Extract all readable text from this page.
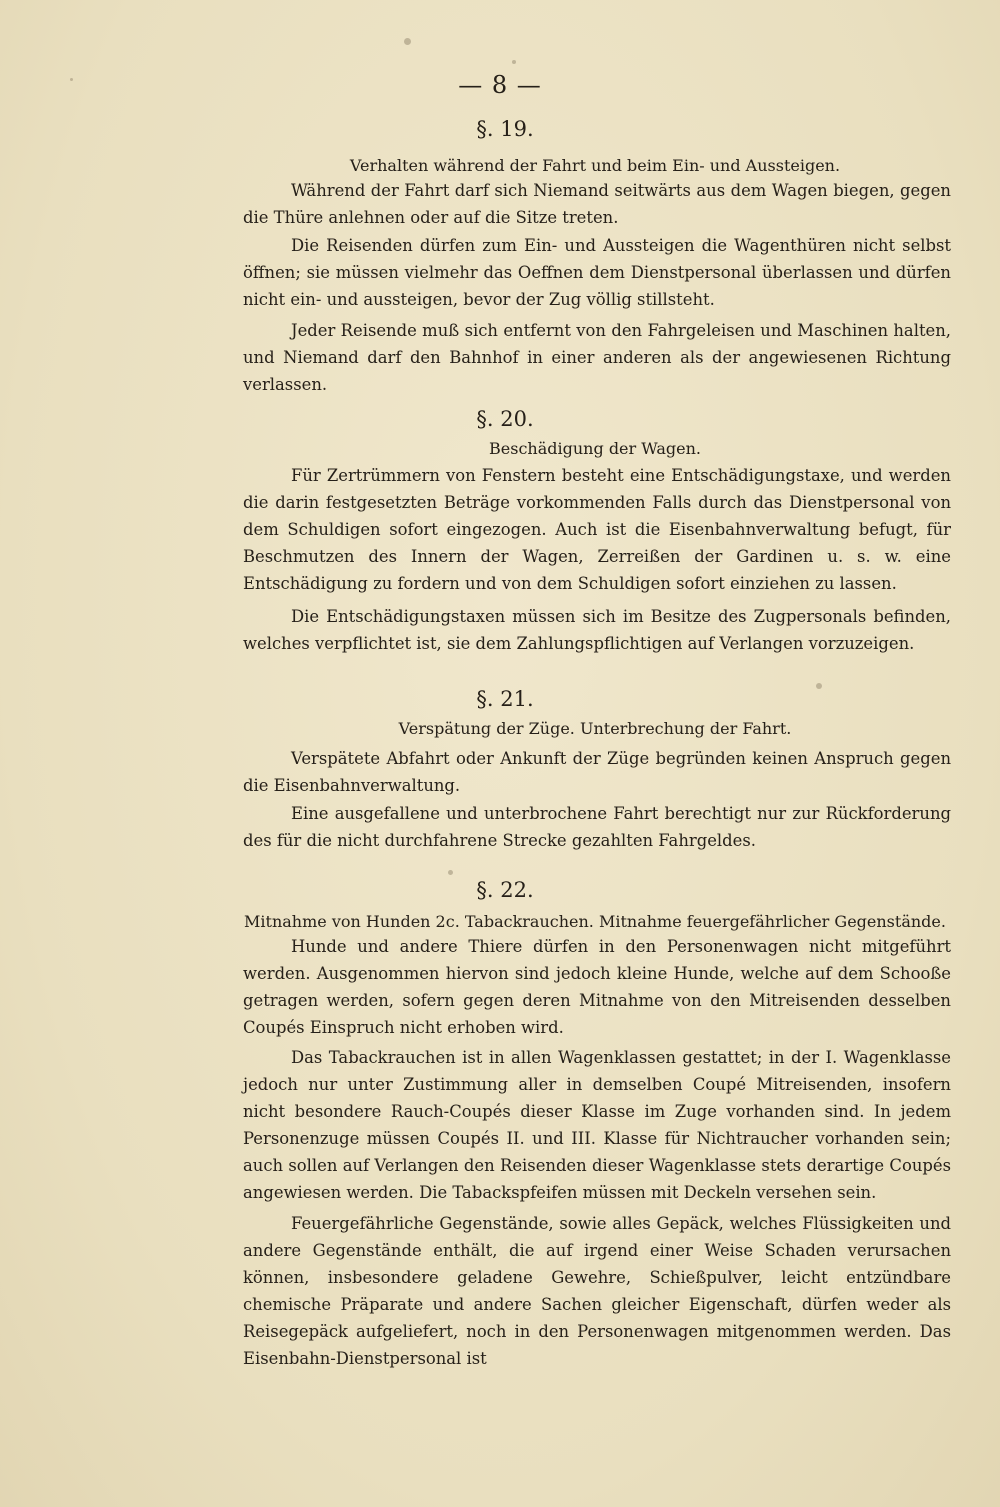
— 8 —
§. 19.
Verhalten während der Fahrt und beim Ein- und Aussteigen.

Während der Fahrt darf sich Niemand seitwärts aus dem Wagen biegen, gegen die Thüre anlehnen oder auf die Sitze treten.

Die Reisenden dürfen zum Ein- und Aussteigen die Wagenthüren nicht selbst öffnen; sie müssen vielmehr das Oeffnen dem Dienstpersonal überlassen und dürfen nicht ein- und aussteigen, bevor der Zug völlig stillsteht.

Jeder Reisende muß sich entfernt von den Fahrgeleisen und Maschinen halten, und Niemand darf den Bahnhof in einer anderen als der angewiesenen Richtung verlassen.

§. 20.
Beschädigung der Wagen.

Für Zertrümmern von Fenstern besteht eine Entschädigungstaxe, und werden die darin festgesetzten Beträge vorkommenden Falls durch das Dienstpersonal von dem Schuldigen sofort eingezogen. Auch ist die Eisenbahnverwaltung befugt, für Beschmutzen des Innern der Wagen, Zerreißen der Gardinen u. s. w. eine Entschädigung zu fordern und von dem Schuldigen sofort einziehen zu lassen.

Die Entschädigungstaxen müssen sich im Besitze des Zugpersonals befinden, welches verpflichtet ist, sie dem Zahlungspflichtigen auf Verlangen vorzuzeigen.

§. 21.
Verspätung der Züge. Unterbrechung der Fahrt.

Verspätete Abfahrt oder Ankunft der Züge begründen keinen Anspruch gegen die Eisenbahnverwaltung.

Eine ausgefallene und unterbrochene Fahrt berechtigt nur zur Rückforderung des für die nicht durchfahrene Strecke gezahlten Fahrgeldes.

§. 22.
Mitnahme von Hunden 2c. Tabackrauchen. Mitnahme feuergefährlicher Gegenstände.

Hunde und andere Thiere dürfen in den Personenwagen nicht mitgeführt werden. Ausgenommen hiervon sind jedoch kleine Hunde, welche auf dem Schooße getragen werden, sofern gegen deren Mitnahme von den Mitreisenden desselben Coupés Einspruch nicht erhoben wird.

Das Tabackrauchen ist in allen Wagenklassen gestattet; in der I. Wagenklasse jedoch nur unter Zustimmung aller in demselben Coupé Mitreisenden, insofern nicht besondere Rauch-Coupés dieser Klasse im Zuge vorhanden sind. In jedem Personenzuge müssen Coupés II. und III. Klasse für Nichtraucher vorhanden sein; auch sollen auf Verlangen den Reisenden dieser Wagenklasse stets derartige Coupés angewiesen werden. Die Tabackspfeifen müssen mit Deckeln versehen sein.

Feuergefährliche Gegenstände, sowie alles Gepäck, welches Flüssigkeiten und andere Gegenstände enthält, die auf irgend einer Weise Schaden verursachen können, insbesondere geladene Gewehre, Schießpulver, leicht entzündbare chemische Präparate und andere Sachen gleicher Eigenschaft, dürfen weder als Reisegepäck aufgeliefert, noch in den Personenwagen mitgenommen werden. Das Eisenbahn-Dienstpersonal ist
